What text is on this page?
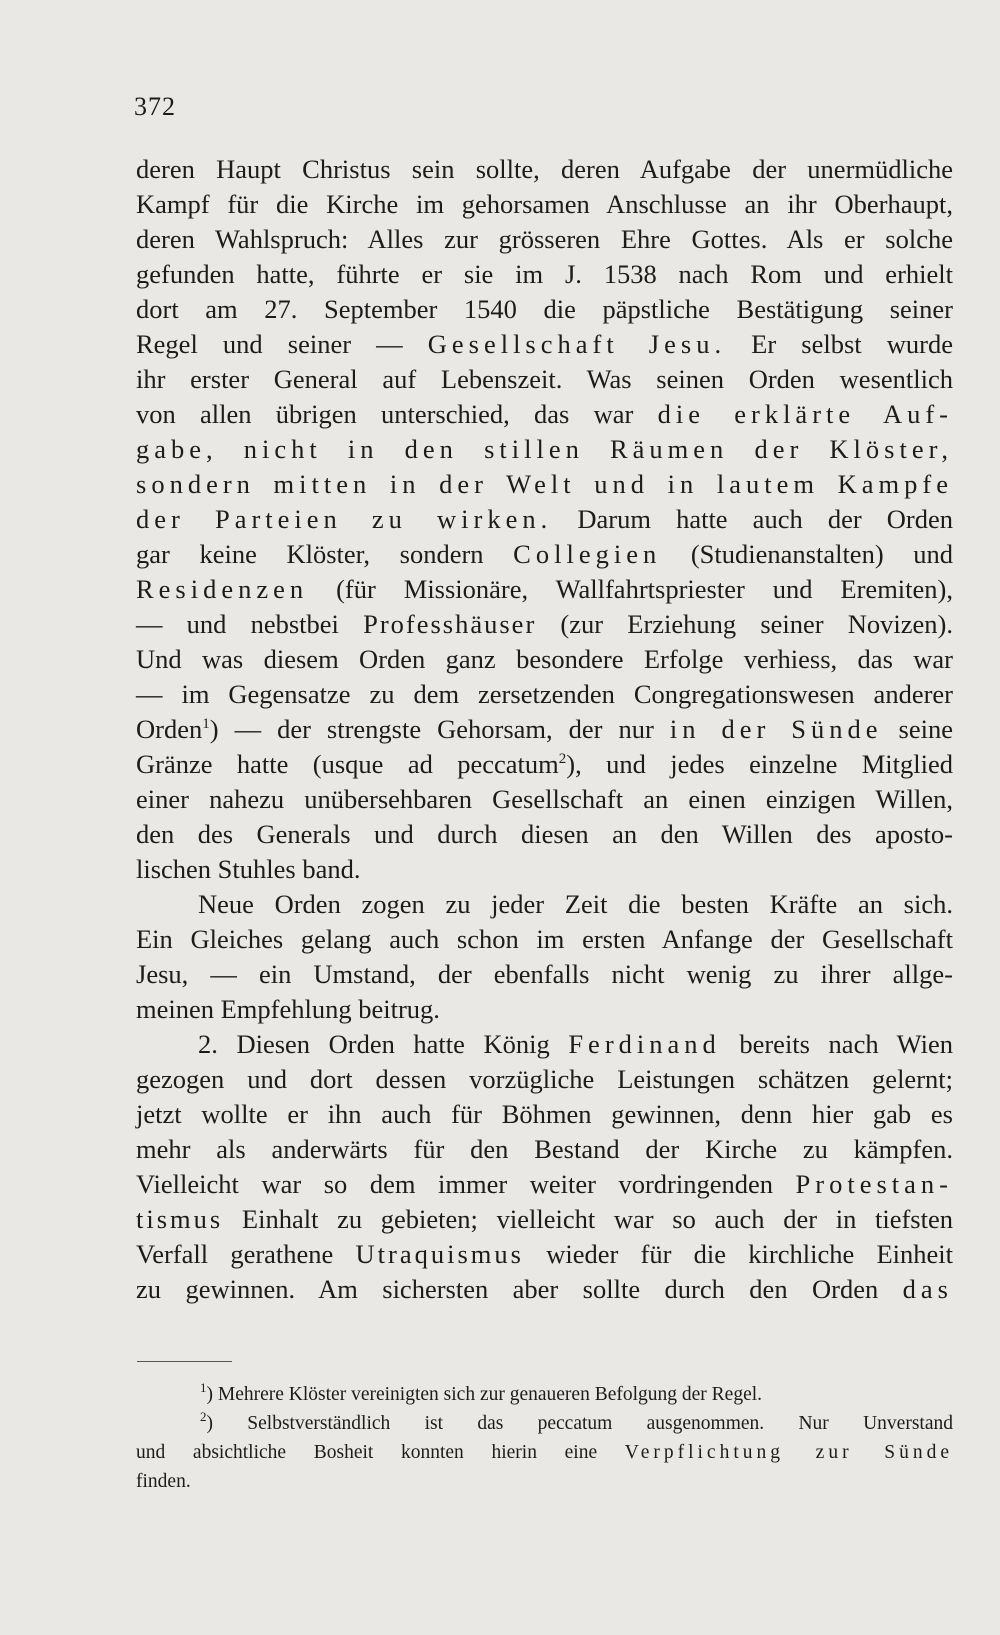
372
deren Haupt Christus sein sollte, deren Aufgabe der unermüdliche
Kampf für die Kirche im gehorsamen Anschlusse an ihr Oberhaupt,
deren Wahlspruch: Alles zur grösseren Ehre Gottes. Als er solche
gefunden hatte, führte er sie im J. 1538 nach Rom und erhielt
dort am 27. September 1540 die päpstliche Bestätigung seiner
Regel und seiner — Gesellschaft Jesu. Er selbst wurde
ihr erster General auf Lebenszeit. Was seinen Orden wesentlich
von allen übrigen unterschied, das war die erklärte Auf-
gabe, nicht in den stillen Räumen der Klöster,
sondern mitten in der Welt und in lautem Kampfe
der Parteien zu wirken. Darum hatte auch der Orden
gar keine Klöster, sondern Collegien (Studienanstalten) und
Residenzen (für Missionäre, Wallfahrtspriester und Eremiten),
— und nebstbei Professhäuser (zur Erziehung seiner Novizen).
Und was diesem Orden ganz besondere Erfolge verhiess, das war
— im Gegensatze zu dem zersetzenden Congregationswesen anderer
Orden$^1$) — der strengste Gehorsam, der nur in der Sünde seine
Gränze hatte (usque ad peccatum$^2$), und jedes einzelne Mitglied
einer nahezu unübersehbaren Gesellschaft an einen einzigen Willen,
den des Generals und durch diesen an den Willen des aposto-
lischen Stuhles band.
Neue Orden zogen zu jeder Zeit die besten Kräfte an sich.
Ein Gleiches gelang auch schon im ersten Anfange der Gesellschaft
Jesu, — ein Umstand, der ebenfalls nicht wenig zu ihrer allge-
meinen Empfehlung beitrug.
2. Diesen Orden hatte König Ferdinand bereits nach Wien
gezogen und dort dessen vorzügliche Leistungen schätzen gelernt;
jetzt wollte er ihn auch für Böhmen gewinnen, denn hier gab es
mehr als anderwärts für den Bestand der Kirche zu kämpfen.
Vielleicht war so dem immer weiter vordringenden Protestan-
tismus Einhalt zu gebieten; vielleicht war so auch der in tiefsten
Verfall gerathene Utraquismus wieder für die kirchliche Einheit
zu gewinnen. Am sichersten aber sollte durch den Orden das
$^1$) Mehrere Klöster vereinigten sich zur genaueren Befolgung der Regel.
$^2$) Selbstverständlich ist das peccatum ausgenommen. Nur Unverstand
und absichtliche Bosheit konnten hierin eine Verpflichtung zur Sünde
finden.
